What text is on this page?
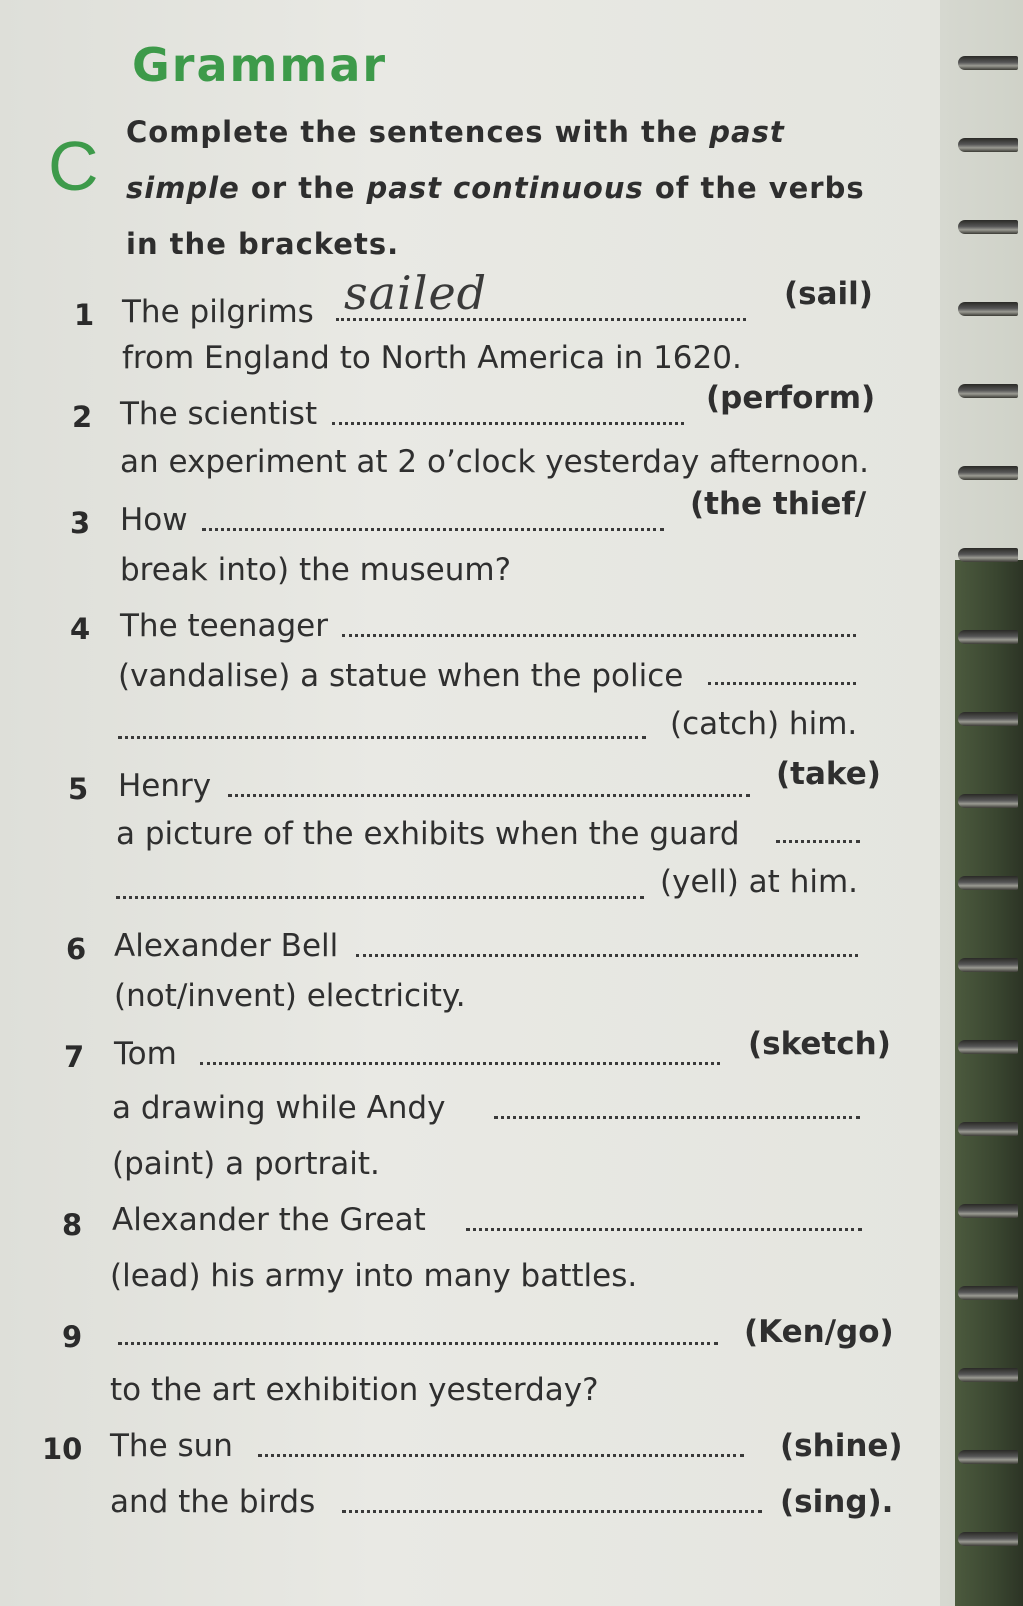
Grammar
C Complete the sentences with the past simple or the past continuous of the verbs in the brackets.
1 The pilgrims sailed	(sail)
from England to North America in 1620.
2 The scientist	(perform)
an experiment at 2 o’clock yesterday afternoon.
3 How	(the thief/
break into) the museum?
4 The teenager
(vandalise) a statue when the police
(catch) him.
5 Henry	(take)
a picture of the exhibits when the guard
(yell) at him.
6 Alexander Bell
(not/invent) electricity.
7 Tom	(sketch)
a drawing while Andy
(paint) a portrait.
8 Alexander the Great
(lead) his army into many battles.
9	(Ken/go)
to the art exhibition yesterday?
10 The sun	(shine)
and the birds	(sing).
